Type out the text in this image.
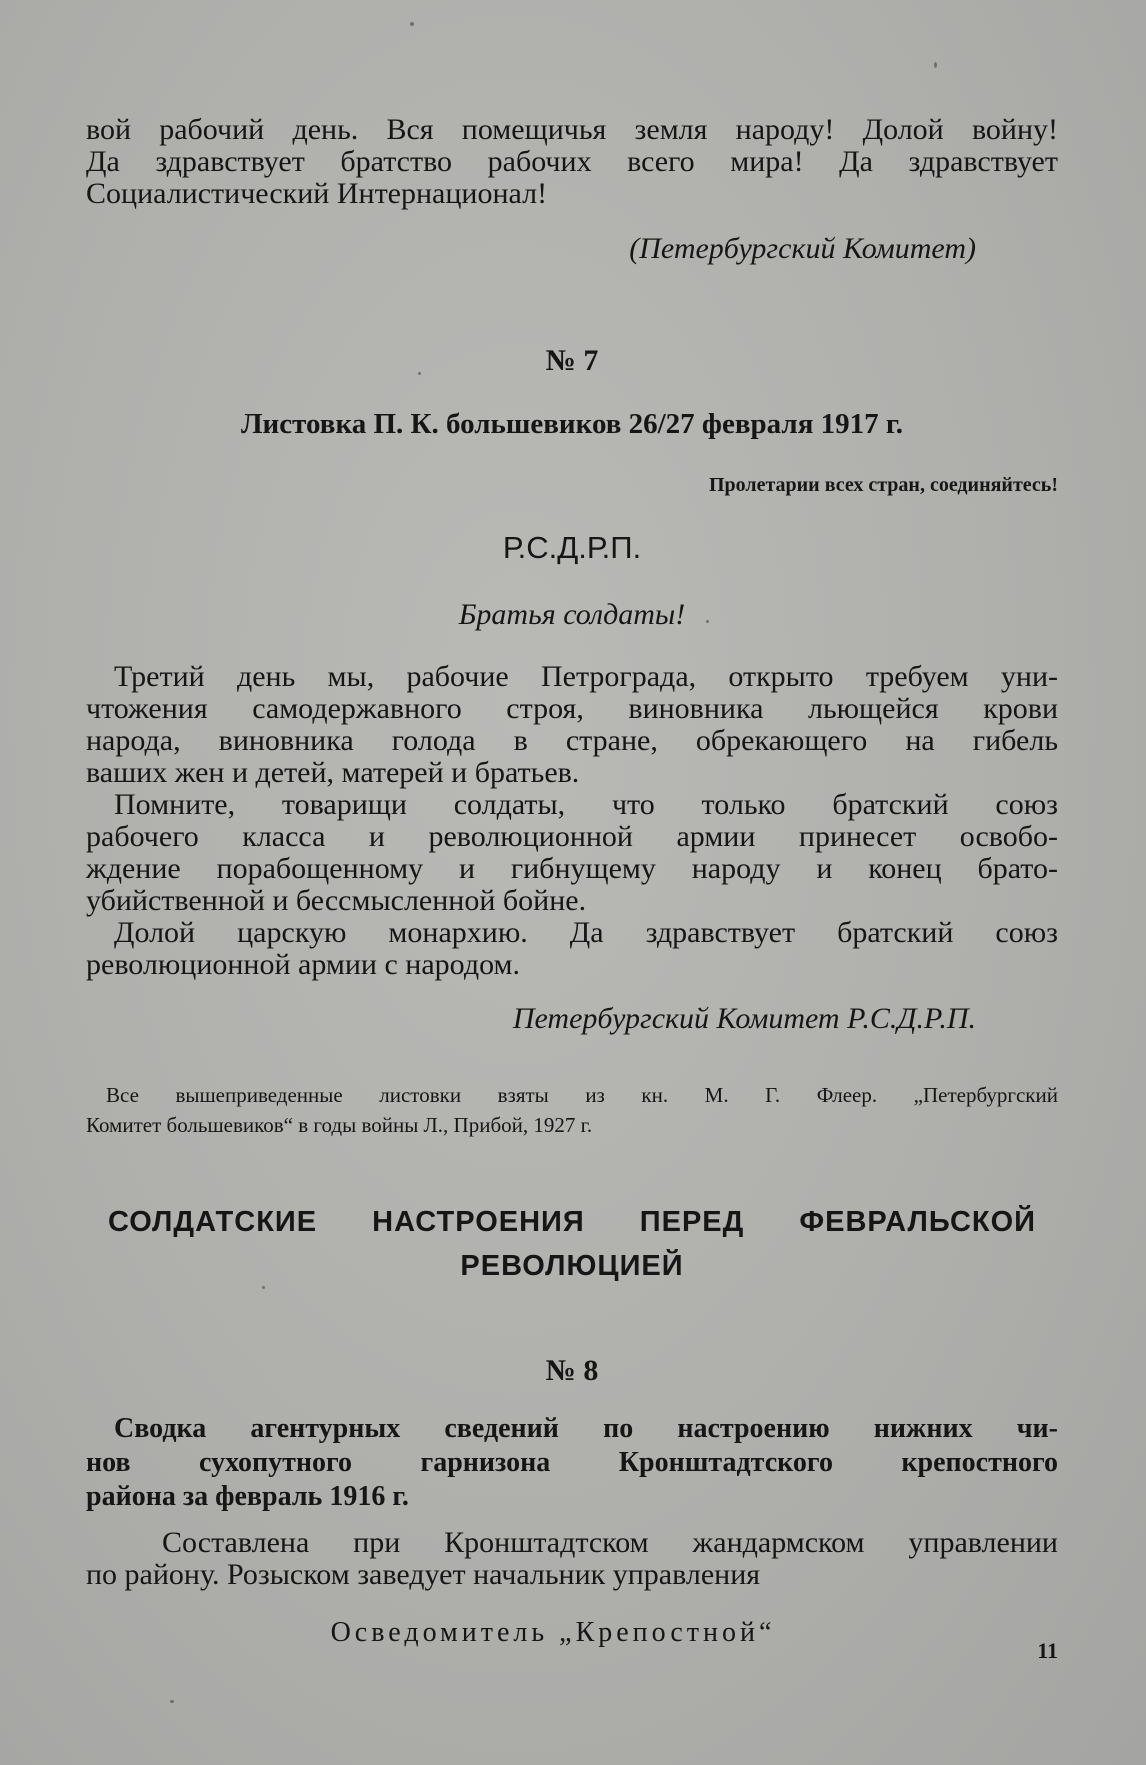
вой рабочий день. Вся помещичья земля народу! Долой войну!
Да здравствует братство рабочих всего мира! Да здравствует
Социалистический Интернационал!
(Петербургский Комитет)
№ 7
Листовка П. К. большевиков 26/27 февраля 1917 г.
Пролетарии всех стран, соединяйтесь!
Р.С.Д.Р.П.
Братья солдаты!
Третий день мы, рабочие Петрограда, открыто требуем уни-
чтожения самодержавного строя, виновника льющейся крови
народа, виновника голода в стране, обрекающего на гибель
ваших жен и детей, матерей и братьев.
Помните, товарищи солдаты, что только братский союз
рабочего класса и революционной армии принесет освобо-
ждение порабощенному и гибнущему народу и конец брато-
убийственной и бессмысленной бойне.
Долой царскую монархию. Да здравствует братский союз
революционной армии с народом.
Петербургский Комитет Р.С.Д.Р.П.
Все вышеприведенные листовки взяты из кн. М. Г. Флеер. „Петербургский
Комитет большевиков“ в годы войны Л., Прибой, 1927 г.
СОЛДАТСКИЕ НАСТРОЕНИЯ ПЕРЕД ФЕВРАЛЬСКОЙ
РЕВОЛЮЦИЕЙ
№ 8
Сводка агентурных сведений по настроению нижних чи-
нов сухопутного гарнизона Кронштадтского крепостного
района за февраль 1916 г.
Составлена при Кронштадтском жандармском управлении
по району. Розыском заведует начальник управления
Осведомитель „Крепостной“
11
